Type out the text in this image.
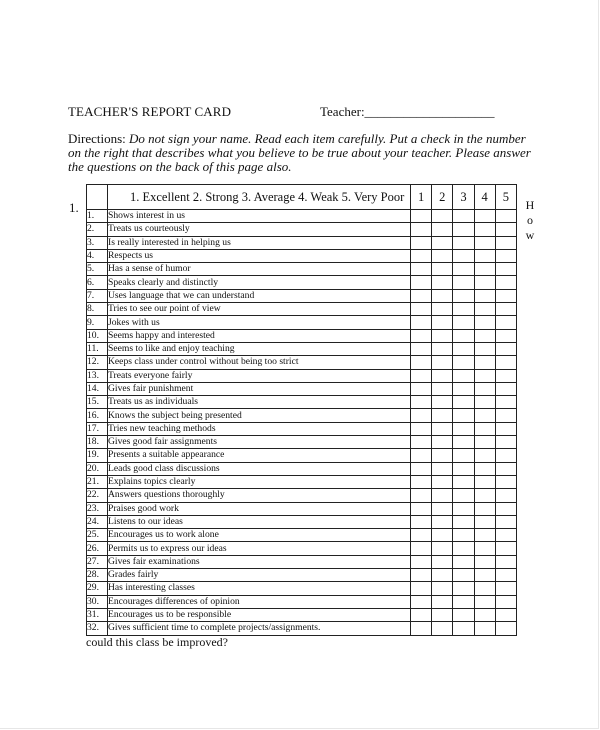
TEACHER'S REPORT CARD	Teacher:____________________
Directions: Do not sign your name. Read each item carefully. Put a check in the number on the right that describes what you believe to be true about your teacher. Please answer the questions on the back of this page also.
1.	H
o
w
	1. Excellent 2. Strong 3. Average 4. Weak 5. Very Poor	1	2	3	4	5
1.	Shows interest in us					
2.	Treats us courteously					
3.	Is really interested in helping us					
4.	Respects us					
5.	Has a sense of humor					
6.	Speaks clearly and distinctly					
7.	Uses language that we can understand					
8.	Tries to see our point of view					
9.	Jokes with us					
10.	Seems happy and interested					
11.	Seems to like and enjoy teaching					
12.	Keeps class under control without being too strict					
13.	Treats everyone fairly					
14.	Gives fair punishment					
15.	Treats us as individuals					
16.	Knows the subject being presented					
17.	Tries new teaching methods					
18.	Gives good fair assignments					
19.	Presents a suitable appearance					
20.	Leads good class discussions					
21.	Explains topics clearly					
22.	Answers questions thoroughly					
23.	Praises good work					
24.	Listens to our ideas					
25.	Encourages us to work alone					
26.	Permits us to express our ideas					
27.	Gives fair examinations					
28.	Grades fairly					
29.	Has interesting classes					
30.	Encourages differences of opinion					
31.	Encourages us to be responsible					
32.	Gives sufficient time to complete projects/assignments.					
could this class be improved?
